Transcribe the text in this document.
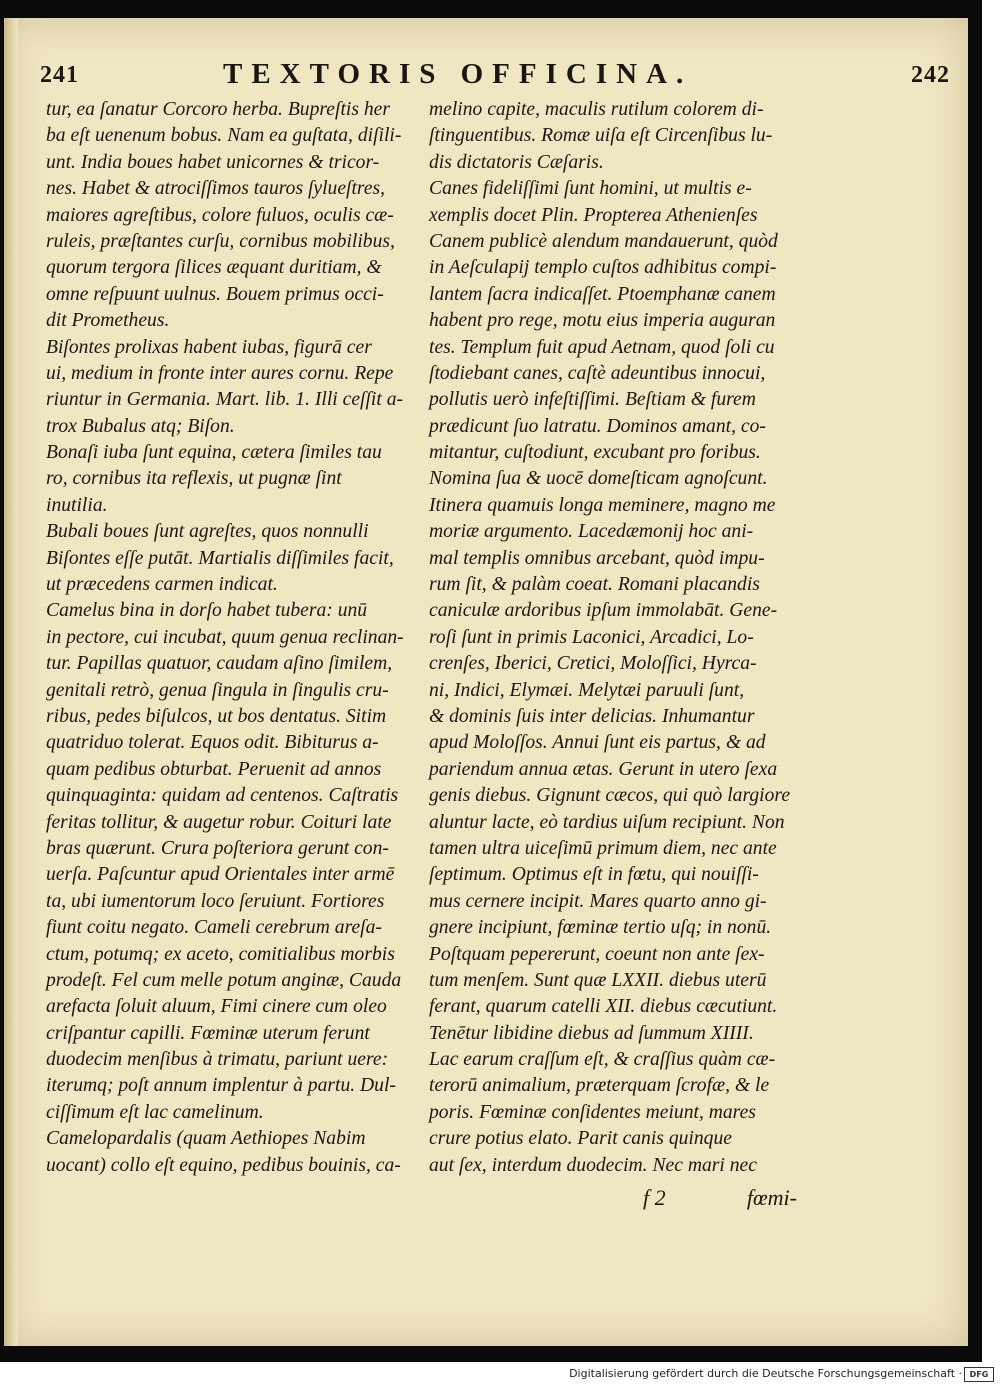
241	TEXTORIS OFFICINA.	242
tur, ea ſanatur Corcoro herba. Bupreſtis her
ba eſt uenenum bobus. Nam ea guſtata, diſili-
unt. India boues habet unicornes & tricor-
nes. Habet & atrociſſimos tauros ſylueſtres,
maiores agreſtibus, colore fuluos, oculis cæ-
ruleis, præſtantes curſu, cornibus mobilibus,
quorum tergora ſilices æquant duritiam, &
omne reſpuunt uulnus. Bouem primus occi-
dit Prometheus.
Biſontes prolixas habent iubas, figurā cer
ui, medium in fronte inter aures cornu. Repe
riuntur in Germania. Mart. lib. 1. Illi ceſſit a-
trox Bubalus atq; Biſon.
Bonaſi iuba ſunt equina, cætera ſimiles tau
ro, cornibus ita reflexis, ut pugnæ ſint
inutilia.
Bubali boues ſunt agreſtes, quos nonnulli
Biſontes eſſe putāt. Martialis diſſimiles facit,
ut præcedens carmen indicat.
Camelus bina in dorſo habet tubera: unū
in pectore, cui incubat, quum genua reclinan-
tur. Papillas quatuor, caudam aſino ſimilem,
genitali retrò, genua ſingula in ſingulis cru-
ribus, pedes biſulcos, ut bos dentatus. Sitim
quatriduo tolerat. Equos odit. Bibiturus a-
quam pedibus obturbat. Peruenit ad annos
quinquaginta: quidam ad centenos. Caſtratis
feritas tollitur, & augetur robur. Coituri late
bras quærunt. Crura poſteriora gerunt con-
uerſa. Paſcuntur apud Orientales inter armē
ta, ubi iumentorum loco ſeruiunt. Fortiores
fiunt coitu negato. Cameli cerebrum areſa-
ctum, potumq; ex aceto, comitialibus morbis
prodeſt. Fel cum melle potum anginæ, Cauda
arefacta ſoluit aluum, Fimi cinere cum oleo
criſpantur capilli. Fœminæ uterum ferunt
duodecim menſibus à trimatu, pariunt uere:
iterumq; poſt annum implentur à partu. Dul-
ciſſimum eſt lac camelinum.
Camelopardalis (quam Aethiopes Nabim
uocant) collo eſt equino, pedibus bouinis, ca-
melino capite, maculis rutilum colorem di-
ſtinguentibus. Romæ uiſa eſt Circenſibus lu-
dis dictatoris Cæſaris.
Canes fideliſſimi ſunt homini, ut multis e-
xemplis docet Plin. Propterea Athenienſes
Canem publicè alendum mandauerunt, quòd
in Aeſculapij templo cuſtos adhibitus compi-
lantem ſacra indicaſſet. Ptoemphanæ canem
habent pro rege, motu eius imperia auguran
tes. Templum fuit apud Aetnam, quod ſoli cu
ſtodiebant canes, caſtè adeuntibus innocui,
pollutis uerò infeſtiſſimi. Beſtiam & furem
prædicunt ſuo latratu. Dominos amant, co-
mitantur, cuſtodiunt, excubant pro foribus.
Nomina ſua & uocē domeſticam agnoſcunt.
Itinera quamuis longa meminere, magno me
moriæ argumento. Lacedæmonij hoc ani-
mal templis omnibus arcebant, quòd impu-
rum ſit, & palàm coeat. Romani placandis
caniculæ ardoribus ipſum immolabāt. Gene-
roſi ſunt in primis Laconici, Arcadici, Lo-
crenſes, Iberici, Cretici, Moloſſici, Hyrca-
ni, Indici, Elymæi. Melytæi paruuli ſunt,
& dominis ſuis inter delicias. Inhumantur
apud Moloſſos. Annui ſunt eis partus, & ad
pariendum annua ætas. Gerunt in utero ſexa
genis diebus. Gignunt cæcos, qui quò largiore
aluntur lacte, eò tardius uiſum recipiunt. Non
tamen ultra uiceſimū primum diem, nec ante
ſeptimum. Optimus eſt in fœtu, qui nouiſſi-
mus cernere incipit. Mares quarto anno gi-
gnere incipiunt, fœminæ tertio uſq; in nonū.
Poſtquam pepererunt, coeunt non ante ſex-
tum menſem. Sunt quæ LXXII. diebus uterū
ferant, quarum catelli XII. diebus cæcutiunt.
Tenētur libidine diebus ad ſummum XIIII.
Lac earum craſſum eſt, & craſſius quàm cæ-
terorū animalium, præterquam ſcrofæ, & le
poris. Fœminæ conſidentes meiunt, mares
crure potius elato. Parit canis quinque
aut ſex, interdum duodecim. Nec mari nec
f 2	fœmi-
Digitalisierung gefördert durch die Deutsche Forschungsgemeinschaft · DFG
